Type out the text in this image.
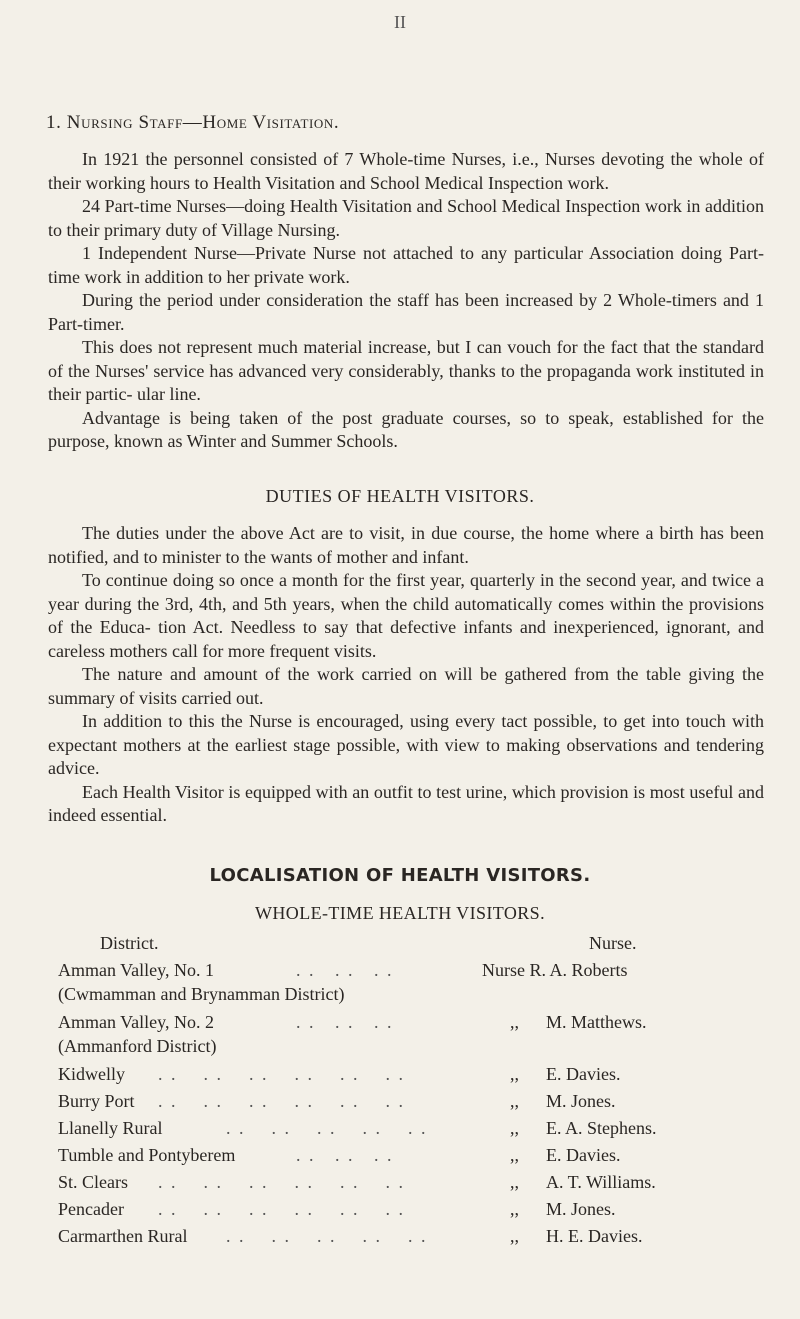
II
1. Nursing Staff—Home Visitation.

In 1921 the personnel consisted of 7 Whole-time Nurses, i.e., Nurses devoting the whole of their working hours to Health Visitation and School Medical Inspection work.

24 Part-time Nurses—doing Health Visitation and School Medical Inspection work in addition to their primary duty of Village Nursing.

1 Independent Nurse—Private Nurse not attached to any particular Association doing Part-time work in addition to her private work.

During the period under consideration the staff has been increased by 2 Whole-timers and 1 Part-timer.

This does not represent much material increase, but I can vouch for the fact that the standard of the Nurses' service has advanced very considerably, thanks to the propaganda work instituted in their partic- ular line.

Advantage is being taken of the post graduate courses, so to speak, established for the purpose, known as Winter and Summer Schools.

DUTIES OF HEALTH VISITORS.

The duties under the above Act are to visit, in due course, the home where a birth has been notified, and to minister to the wants of mother and infant.

To continue doing so once a month for the first year, quarterly in the second year, and twice a year during the 3rd, 4th, and 5th years, when the child automatically comes within the provisions of the Educa- tion Act. Needless to say that defective infants and inexperienced, ignorant, and careless mothers call for more frequent visits.

The nature and amount of the work carried on will be gathered from the table giving the summary of visits carried out.

In addition to this the Nurse is encouraged, using every tact possible, to get into touch with expectant mothers at the earliest stage possible, with view to making observations and tendering advice.

Each Health Visitor is equipped with an outfit to test urine, which provision is most useful and indeed essential.

LOCALISATION OF HEALTH VISITORS.
WHOLE-TIME HEALTH VISITORS.
District.	Nurse.
Amman Valley, No. 1	. .   . .   . .	Nurse R. A. Roberts
(Cwmamman and Brynamman District)
Amman Valley, No. 2	. .   . .   . .	,, M. Matthews.
(Ammanford District)
Kidwelly . .    . .    . .    . .    . .    . .	,, E. Davies.
Burry Port . .    . .    . .    . .    . .    . .	,, M. Jones.
Llanelly Rural	. .    . .    . .    . .    . .	,, E. A. Stephens.
Tumble and Pontyberem	. .   . .   . .	,, E. Davies.
St. Clears . .    . .    . .    . .    . .    . .	,, A. T. Williams.
Pencader . .    . .    . .    . .    . .    . .	,, M. Jones.
Carmarthen Rural . .    . .    . .    . .    . .	,, H. E. Davies.
